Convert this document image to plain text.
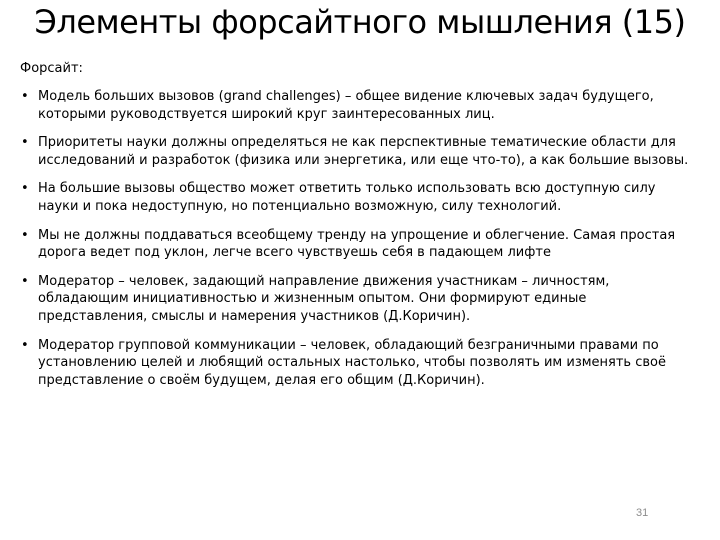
Элементы форсайтного мышления (15)
Форсайт:
• Модель больших вызовов (grand challenges) – общее видение ключевых задач будущего, которыми руководствуется широкий круг заинтересованных лиц.
• Приоритеты науки должны определяться не как перспективные тематические области для исследований и разработок (физика или энергетика, или еще что-то), а как большие вызовы.
• На большие вызовы общество может ответить только использовать всю доступную силу науки и пока недоступную, но потенциально возможную, силу технологий.
• Мы не должны поддаваться всеобщему тренду на упрощение и облегчение. Самая простая дорога ведет под уклон, легче всего чувствуешь себя в падающем лифте
• Модератор – человек, задающий направление движения участникам – личностям, обладающим инициативностью и жизненным опытом. Они формируют единые представления, смыслы и намерения участников (Д.Коричин).
• Модератор групповой коммуникации – человек, обладающий безграничными правами по установлению целей и любящий остальных настолько, чтобы позволять им изменять своё представление о своём будущем, делая его общим (Д.Коричин).
31
